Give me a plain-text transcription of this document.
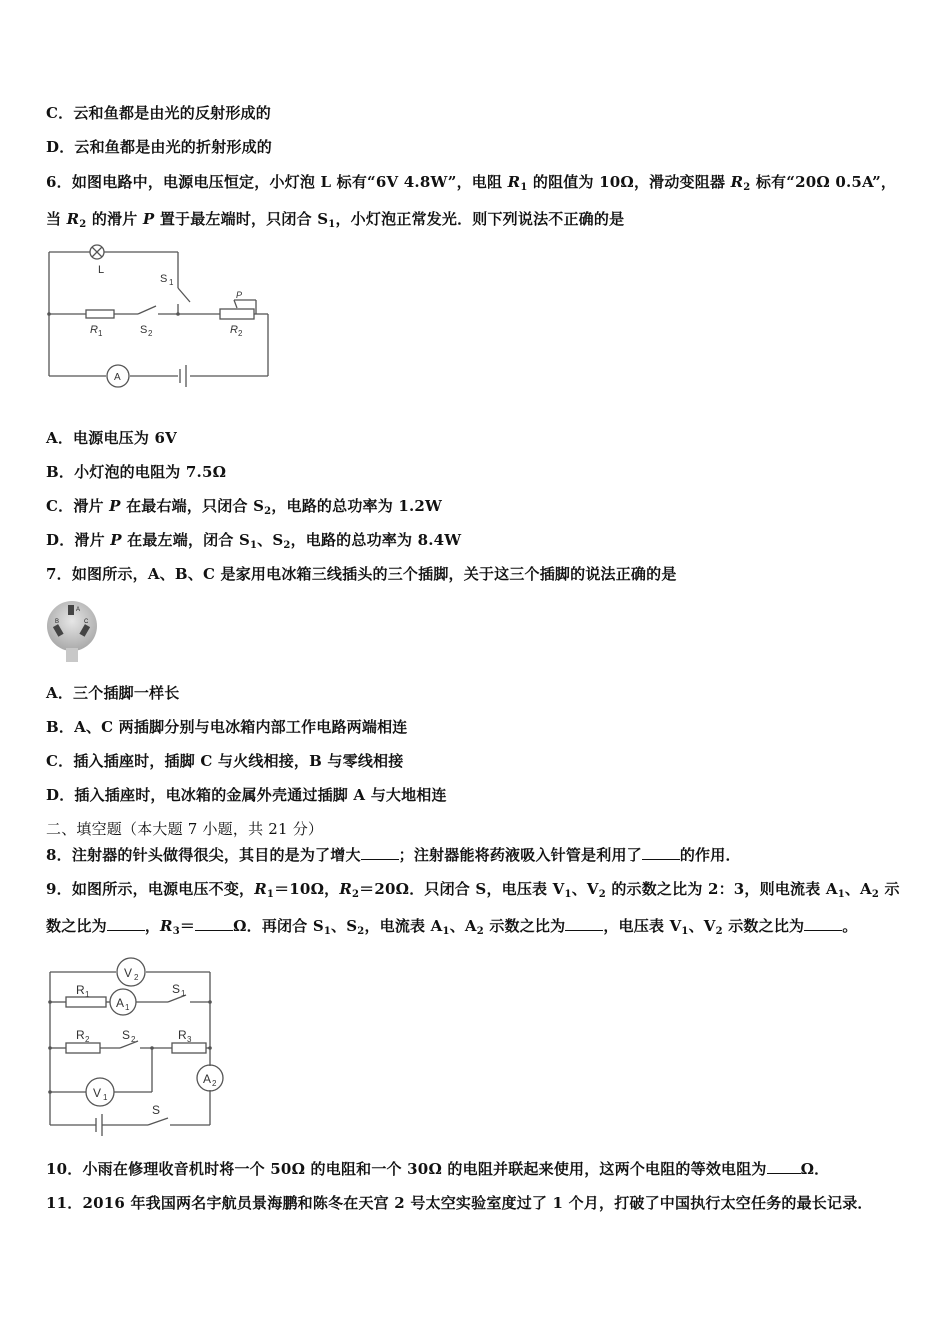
C．云和鱼都是由光的反射形成的
D．云和鱼都是由光的折射形成的
6．如图电路中，电源电压恒定，小灯泡 L 标有“6V 4.8W”，电阻 $R_1$ 的阻值为 10Ω，滑动变阻器 $R_2$ 标有“20Ω 0.5A”，
当 $R_2$ 的滑片 P 置于最左端时，只闭合 $S_1$，小灯泡正常发光．则下列说法不正确的是
L
S 1
R 1	S 2	R 2
P
A
A．电源电压为 6V
B．小灯泡的电阻为 7.5Ω
C．滑片 P 在最右端，只闭合 $S_2$，电路的总功率为 1.2W
D．滑片 P 在最左端，闭合 $S_1$、$S_2$，电路的总功率为 8.4W
7．如图所示，A、B、C 是家用电冰箱三线插头的三个插脚，关于这三个插脚的说法正确的是
A
B	C
A．三个插脚一样长
B．A、C 两插脚分别与电冰箱内部工作电路两端相连
C．插入插座时，插脚 C 与火线相接，B 与零线相接
D．插入插座时，电冰箱的金属外壳通过插脚 A 与大地相连
二、填空题（本大题 7 小题，共 21 分）
8．注射器的针头做得很尖，其目的是为了增大	；注射器能将药液吸入针管是利用了	的作用．
9．如图所示，电源电压不变，$R_1=10\Omega$，$R_2=20\Omega$．只闭合 S，电压表 $V_1$、$V_2$ 的示数之比为 2：3，则电流表 $A_1$、$A_2$ 示
数之比为	，$R_3=$	Ω．再闭合 $S_1$、$S_2$，电流表 $A_1$、$A_2$ 示数之比为	，电压表 $V_1$、$V_2$ 示数之比为	。
V 2
R 1
A 1
S 1
R 2	S 2	R 3
A 2
V 1
S
10．小雨在修理收音机时将一个 50Ω 的电阻和一个 30Ω 的电阻并联起来使用，这两个电阻的等效电阻为 Ω．
11．2016 年我国两名宇航员景海鹏和陈冬在天宫 2 号太空实验室度过了 1 个月，打破了中国执行太空任务的最长记录．
